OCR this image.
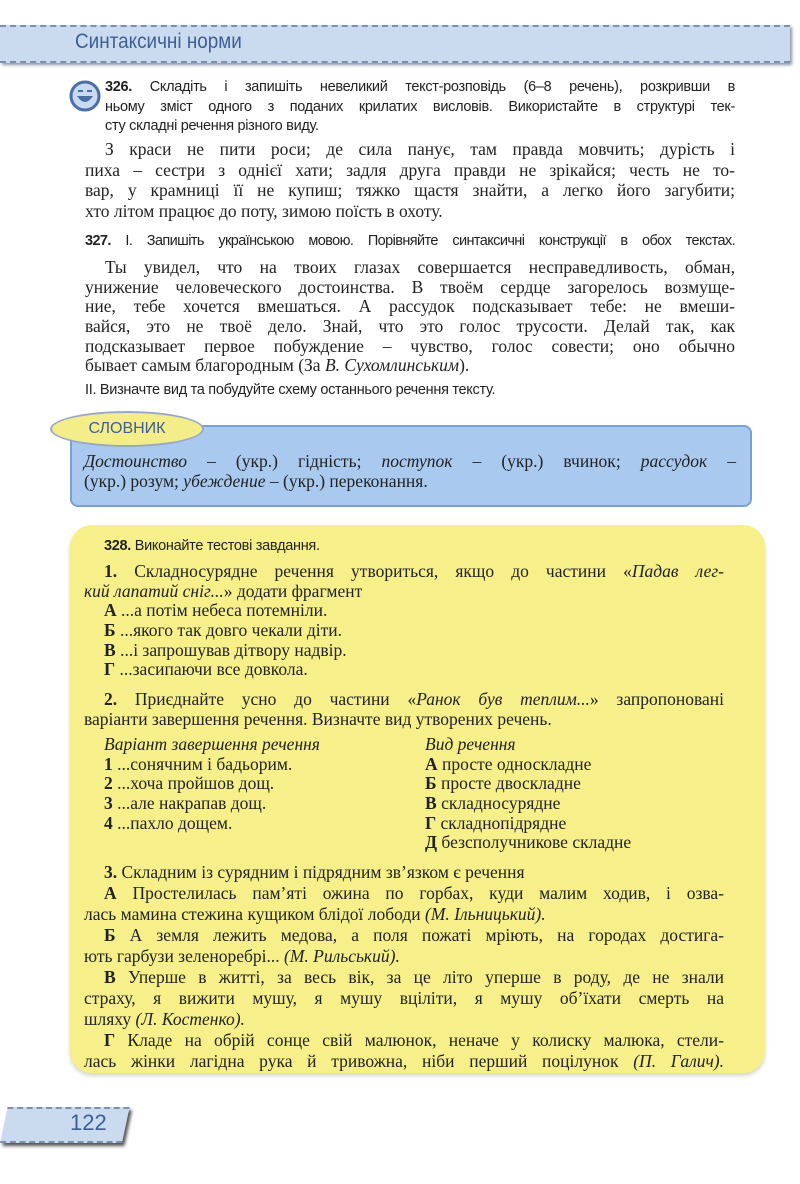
Синтаксичні норми
326. Складіть і запишіть невеликий текст-розповідь (6–8 речень), розкривши в
ньому зміст одного з поданих крилатих висловів. Використайте в структурі тек-
сту складні речення різного виду.
З краси не пити роси; де сила панує, там правда мовчить; дурість і
пиха – сестри з однієї хати; задля друга правди не зрікайся; честь не то-
вар, у крамниці її не купиш; тяжко щастя знайти, а легко його загубити;
хто літом працює до поту, зимою поїсть в охоту.
327. І. Запишіть українською мовою. Порівняйте синтаксичні конструкції в обох текстах.
Ты увидел, что на твоих глазах совершается несправедливость, обман,
унижение человеческого достоинства. В твоём сердце загорелось возмуще-
ние, тебе хочется вмешаться. А рассудок подсказывает тебе: не вмеши-
вайся, это не твоё дело. Знай, что это голос трусости. Делай так, как
подсказывает первое побуждение – чувство, голос совести; оно обычно
бывает самым благородным (За В. Сухомлинським).
ІІ. Визначте вид та побудуйте схему останнього речення тексту.
СЛОВНИК
Достоинство – (укр.) гідність; поступок – (укр.) вчинок; рассудок –
(укр.) розум; убеждение – (укр.) переконання.
328. Виконайте тестові завдання.
1. Складносурядне речення утвориться, якщо до частини «Падав лег-
кий лапатий сніг...» додати фрагмент
А ...а потім небеса потемніли.
Б ...якого так довго чекали діти.
В ...і запрошував дітвору надвір.
Г ...засипаючи все довкола.
2. Приєднайте усно до частини «Ранок був теплим...» запропоновані
варіанти завершення речення. Визначте вид утворених речень.
Варіант завершення речення
1 ...сонячним і бадьорим.
2 ...хоча пройшов дощ.
3 ...але накрапав дощ.
4 ...пахло дощем.
Вид речення
А просте односкладне
Б просте двоскладне
В складносурядне
Г складнопідрядне
Д безсполучникове складне
3. Складним із сурядним і підрядним зв’язком є речення
А Простелилась пам’яті ожина по горбах, куди малим ходив, і озва-
лась мамина стежина кущиком блідої лободи (М. Ільницький).
Б А земля лежить медова, а поля пожаті мріють, на городах достига-
ють гарбузи зеленоребрі... (М. Рильський).
В Уперше в житті, за весь вік, за це літо уперше в роду, де не знали
страху, я вижити мушу, я мушу вціліти, я мушу об’їхати смерть на
шляху (Л. Костенко).
Г Кладе на обрій сонце свій малюнок, неначе у колиску малюка, стели-
лась жінки лагідна рука й тривожна, ніби перший поцілунок (П. Галич).
122
